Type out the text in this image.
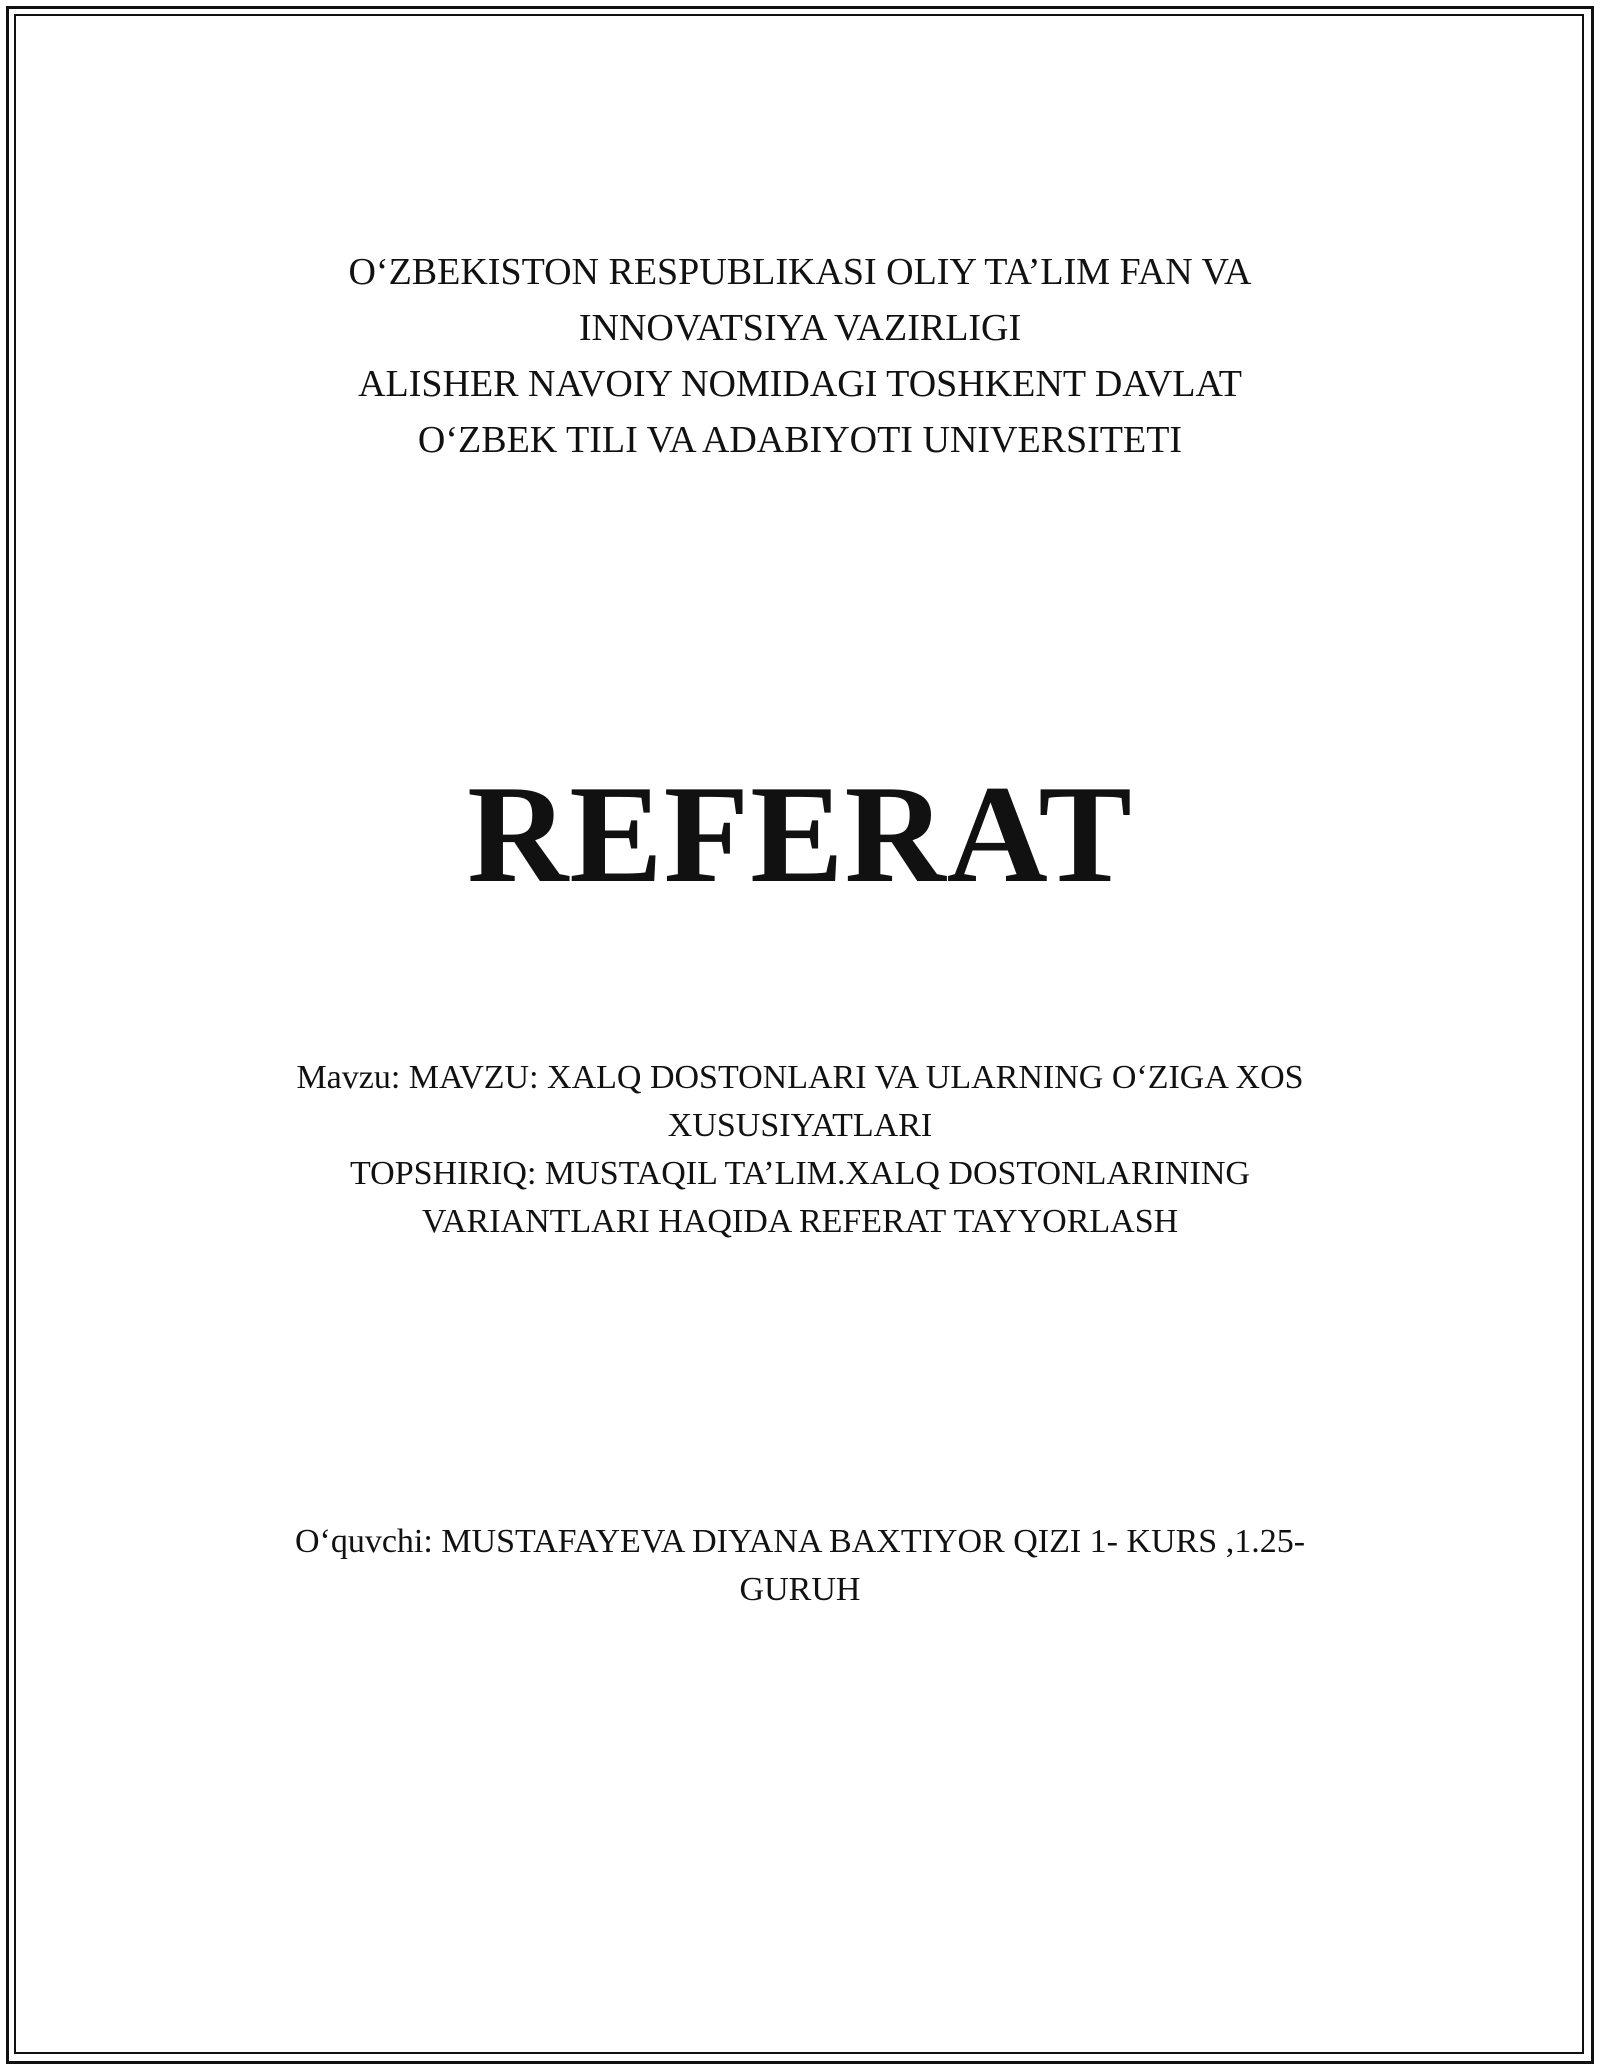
O‘ZBEKISTON RESPUBLIKASI OLIY TA’LIM FAN VA
INNOVATSIYA VAZIRLIGI
ALISHER NAVOIY NOMIDAGI TOSHKENT DAVLAT
O‘ZBEK TILI VA ADABIYOTI UNIVERSITETI
REFERAT
Mavzu: MAVZU: XALQ DOSTONLARI VA ULARNING O‘ZIGA XOS
XUSUSIYATLARI
TOPSHIRIQ: MUSTAQIL TA’LIM.XALQ DOSTONLARINING
VARIANTLARI HAQIDA REFERAT TAYYORLASH
O‘quvchi: MUSTAFAYEVA DIYANA BAXTIYOR QIZI 1- KURS ,1.25-
GURUH
